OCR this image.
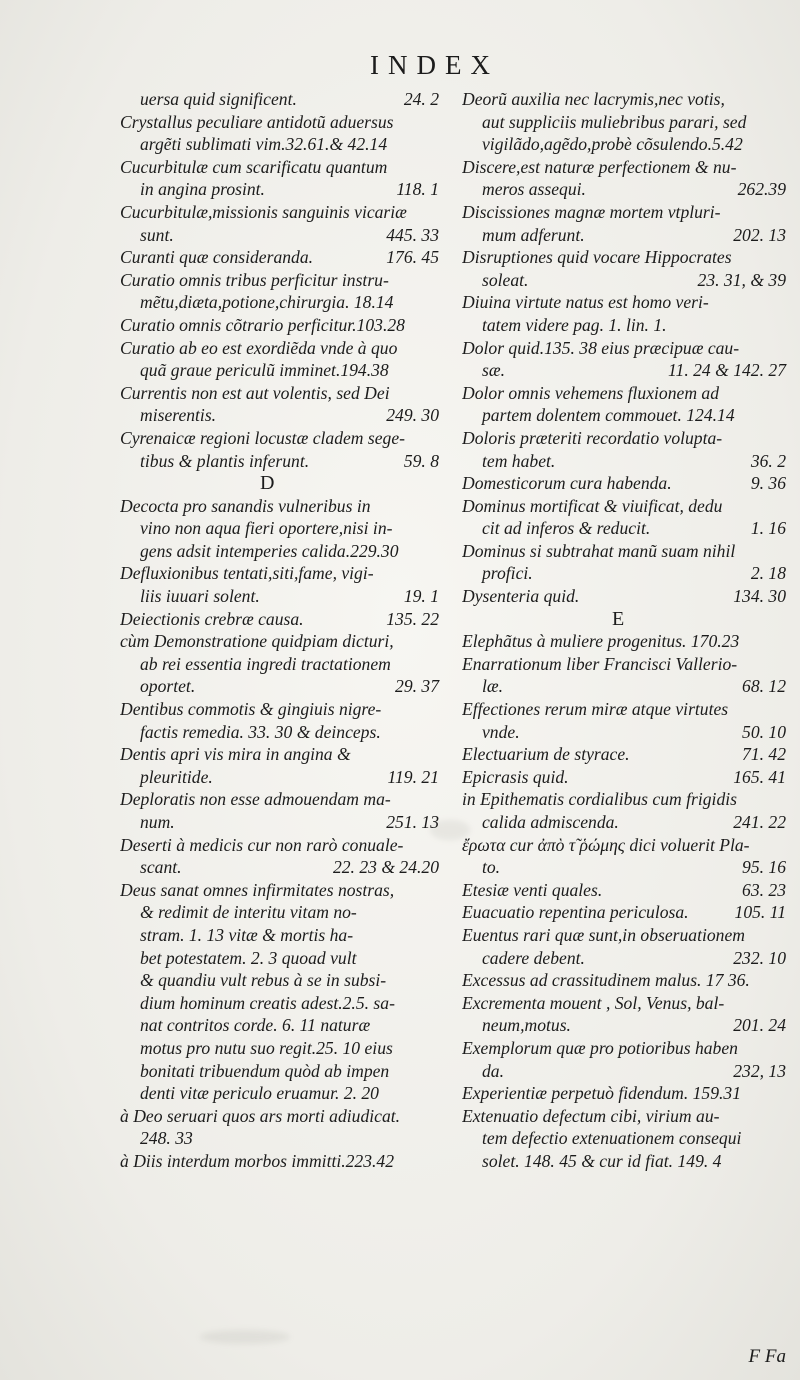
INDEX
24. 2
uersa quid significent.
Crystallus peculiare antidotũ aduersus
argẽti sublimati vim.32.61.& 42.14
Cucurbitulæ cum scarificatu quantum
118. 1
in angina prosint.
Cucurbitulæ,missionis sanguinis vicariæ
445. 33
sunt.
176. 45
Curanti quæ consideranda.
Curatio omnis tribus perficitur instru-
mẽtu,diæta,potione,chirurgia. 18.14
Curatio omnis cõtrario perficitur.103.28
Curatio ab eo est exordiẽda vnde à quo
quã graue periculũ imminet.194.38
Currentis non est aut volentis, sed Dei
249. 30
miserentis.
Cyrenaicæ regioni locustæ cladem sege-
59. 8
tibus & plantis inferunt.
D
Decocta pro sanandis vulneribus in
vino non aqua fieri oportere,nisi in-
gens adsit intemperies calida.229.30
Defluxionibus tentati,siti,fame, vigi-
19. 1
liis iuuari solent.
135. 22
Deiectionis crebræ causa.
cùm Demonstratione quidpiam dicturi,
ab rei essentia ingredi tractationem
29. 37
oportet.
Dentibus commotis & gingiuis nigre-
factis remedia. 33. 30 & deinceps.
Dentis apri vis mira in angina &
119. 21
pleuritide.
Deploratis non esse admouendam ma-
251. 13
num.
Deserti à medicis cur non rarò conuale-
22. 23 & 24.20
scant.
Deus sanat omnes infirmitates nostras,
& redimit de interitu vitam no-
stram. 1. 13 vitæ & mortis ha-
bet potestatem. 2. 3 quoad vult
& quandiu vult rebus à se in subsi-
dium hominum creatis adest.2.5. sa-
nat contritos corde. 6. 11 naturæ
motus pro nutu suo regit.25. 10 eius
bonitati tribuendum quòd ab impen
denti vitæ periculo eruamur. 2. 20
à Deo seruari quos ars morti adiudicat.
248. 33
à Diis interdum morbos immitti.223.42
Deorũ auxilia nec lacrymis,nec votis,
aut suppliciis muliebribus parari, sed
vigilãdo,agẽdo,probè cõsulendo.5.42
Discere,est naturæ perfectionem & nu-
262.39
meros assequi.
Discissiones magnæ mortem vtpluri-
202. 13
mum adferunt.
Disruptiones quid vocare Hippocrates
23. 31, & 39
soleat.
Diuina virtute natus est homo veri-
tatem videre pag. 1. lin. 1.
Dolor quid.135. 38 eius præcipuæ cau-
11. 24 & 142. 27
sæ.
Dolor omnis vehemens fluxionem ad
partem dolentem commouet. 124.14
Doloris præteriti recordatio volupta-
36. 2
tem habet.
9. 36
Domesticorum cura habenda.
Dominus mortificat & viuificat, dedu
1. 16
cit ad inferos & reducit.
Dominus si subtrahat manũ suam nihil
2. 18
profici.
134. 30
Dysenteria quid.
E
Elephãtus à muliere progenitus. 170.23
Enarrationum liber Francisci Vallerio-
68. 12
læ.
Effectiones rerum miræ atque virtutes
50. 10
vnde.
71. 42
Electuarium de styrace.
165. 41
Epicrasis quid.
in Epithematis cordialibus cum frigidis
241. 22
calida admiscenda.
ἔρωτα cur ἀπὸ τ̃ ῥώμης dici voluerit Pla-
95. 16
to.
63. 23
Etesiæ venti quales.
105. 11
Euacuatio repentina periculosa.
Euentus rari quæ sunt,in obseruationem
232. 10
cadere debent.
Excessus ad crassitudinem malus. 17 36.
Excrementa mouent , Sol, Venus, bal-
201. 24
neum,motus.
Exemplorum quæ pro potioribus haben
232, 13
da.
Experientiæ perpetuò fidendum. 159.31
Extenuatio defectum cibi, virium au-
tem defectio extenuationem consequi
solet. 148. 45 & cur id fiat. 149. 4
F Fa
